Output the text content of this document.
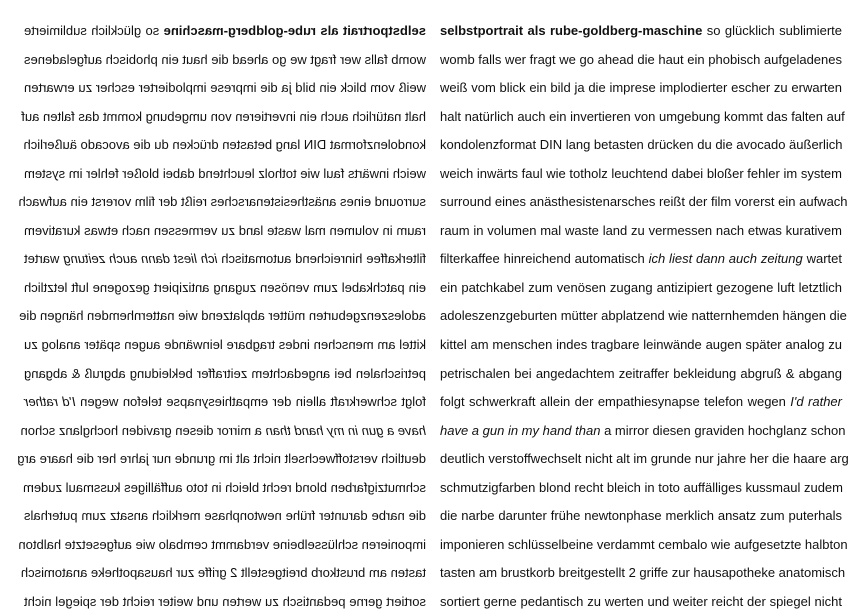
selbstportrait als rube-goldberg-maschine so glücklich sublimierte
womb falls wer fragt we go ahead die haut ein phobisch aufgeladenes
weiß vom blick ein bild ja die imprese implodierter escher zu erwarten
halt natürlich auch ein invertieren von umgebung kommt das falten auf
kondolenzformat DIN lang betasten drücken du die avocado äußerlich
weich inwärts faul wie totholz leuchtend dabei bloßer fehler im system
surround eines anästhesistenarsches reißt der film vorerst ein aufwach
raum in volumen mal waste land zu vermessen nach etwas kurativem
filterkaffee hinreichend automatisch ich liest dann auch zeitung wartet
ein patchkabel zum venösen zugang antizipiert gezogene luft letztlich
adoleszenzgeburten mütter abplatzend wie natternhemden hängen die
kittel am menschen indes tragbare leinwände augen später analog zu
petrischalen bei angedachtem zeitraffer bekleidung abgruß & abgang
folgt schwerkraft allein der empathiesynapse telefon wegen I'd rather
have a gun in my hand than a mirror diesen graviden hochglanz schon
deutlich verstoffwechselt nicht alt im grunde nur jahre her die haare arg
schmutzigfarben blond recht bleich in toto auffälliges kussmaul zudem
die narbe darunter frühe newtonphase merklich ansatz zum puterhals
imponieren schlüsselbeine verdammt cembalo wie aufgesetzte halbton
tasten am brustkorb breitgestellt 2 griffe zur hausapotheke anatomisch
sortiert gerne pedantisch zu werten und weiter reicht der spiegel nicht
selbstportrait als rube-goldberg-maschine so glücklich sublimierte
womb falls wer fragt we go ahead die haut ein phobisch aufgeladenes
weiß vom blick ein bild ja die imprese implodierter escher zu erwarten
halt natürlich auch ein invertieren von umgebung kommt das falten auf
kondolenzformat DIN lang betasten drücken du die avocado äußerlich
weich inwärts faul wie totholz leuchtend dabei bloßer fehler im system
surround eines anästhesistenarsches reißt der film vorerst ein aufwach
raum in volumen mal waste land zu vermessen nach etwas kurativem
filterkaffee hinreichend automatisch ich liest dann auch zeitung wartet
ein patchkabel zum venösen zugang antizipiert gezogene luft letztlich
adoleszenzgeburten mütter abplatzend wie natternhemden hängen die
kittel am menschen indes tragbare leinwände augen später analog zu
petrischalen bei angedachtem zeitraffer bekleidung abgruß & abgang
folgt schwerkraft allein der empathiesynapse telefon wegen I'd rather
have a gun in my hand than a mirror diesen graviden hochglanz schon
deutlich verstoffwechselt nicht alt im grunde nur jahre her die haare arg
schmutzigfarben blond recht bleich in toto auffälliges kussmaul zudem
die narbe darunter frühe newtonphase merklich ansatz zum puterhals
imponieren schlüsselbeine verdammt cembalo wie aufgesetzte halbton
tasten am brustkorb breitgestellt 2 griffe zur hausapotheke anatomisch
sortiert gerne pedantisch zu werten und weiter reicht der spiegel nicht
